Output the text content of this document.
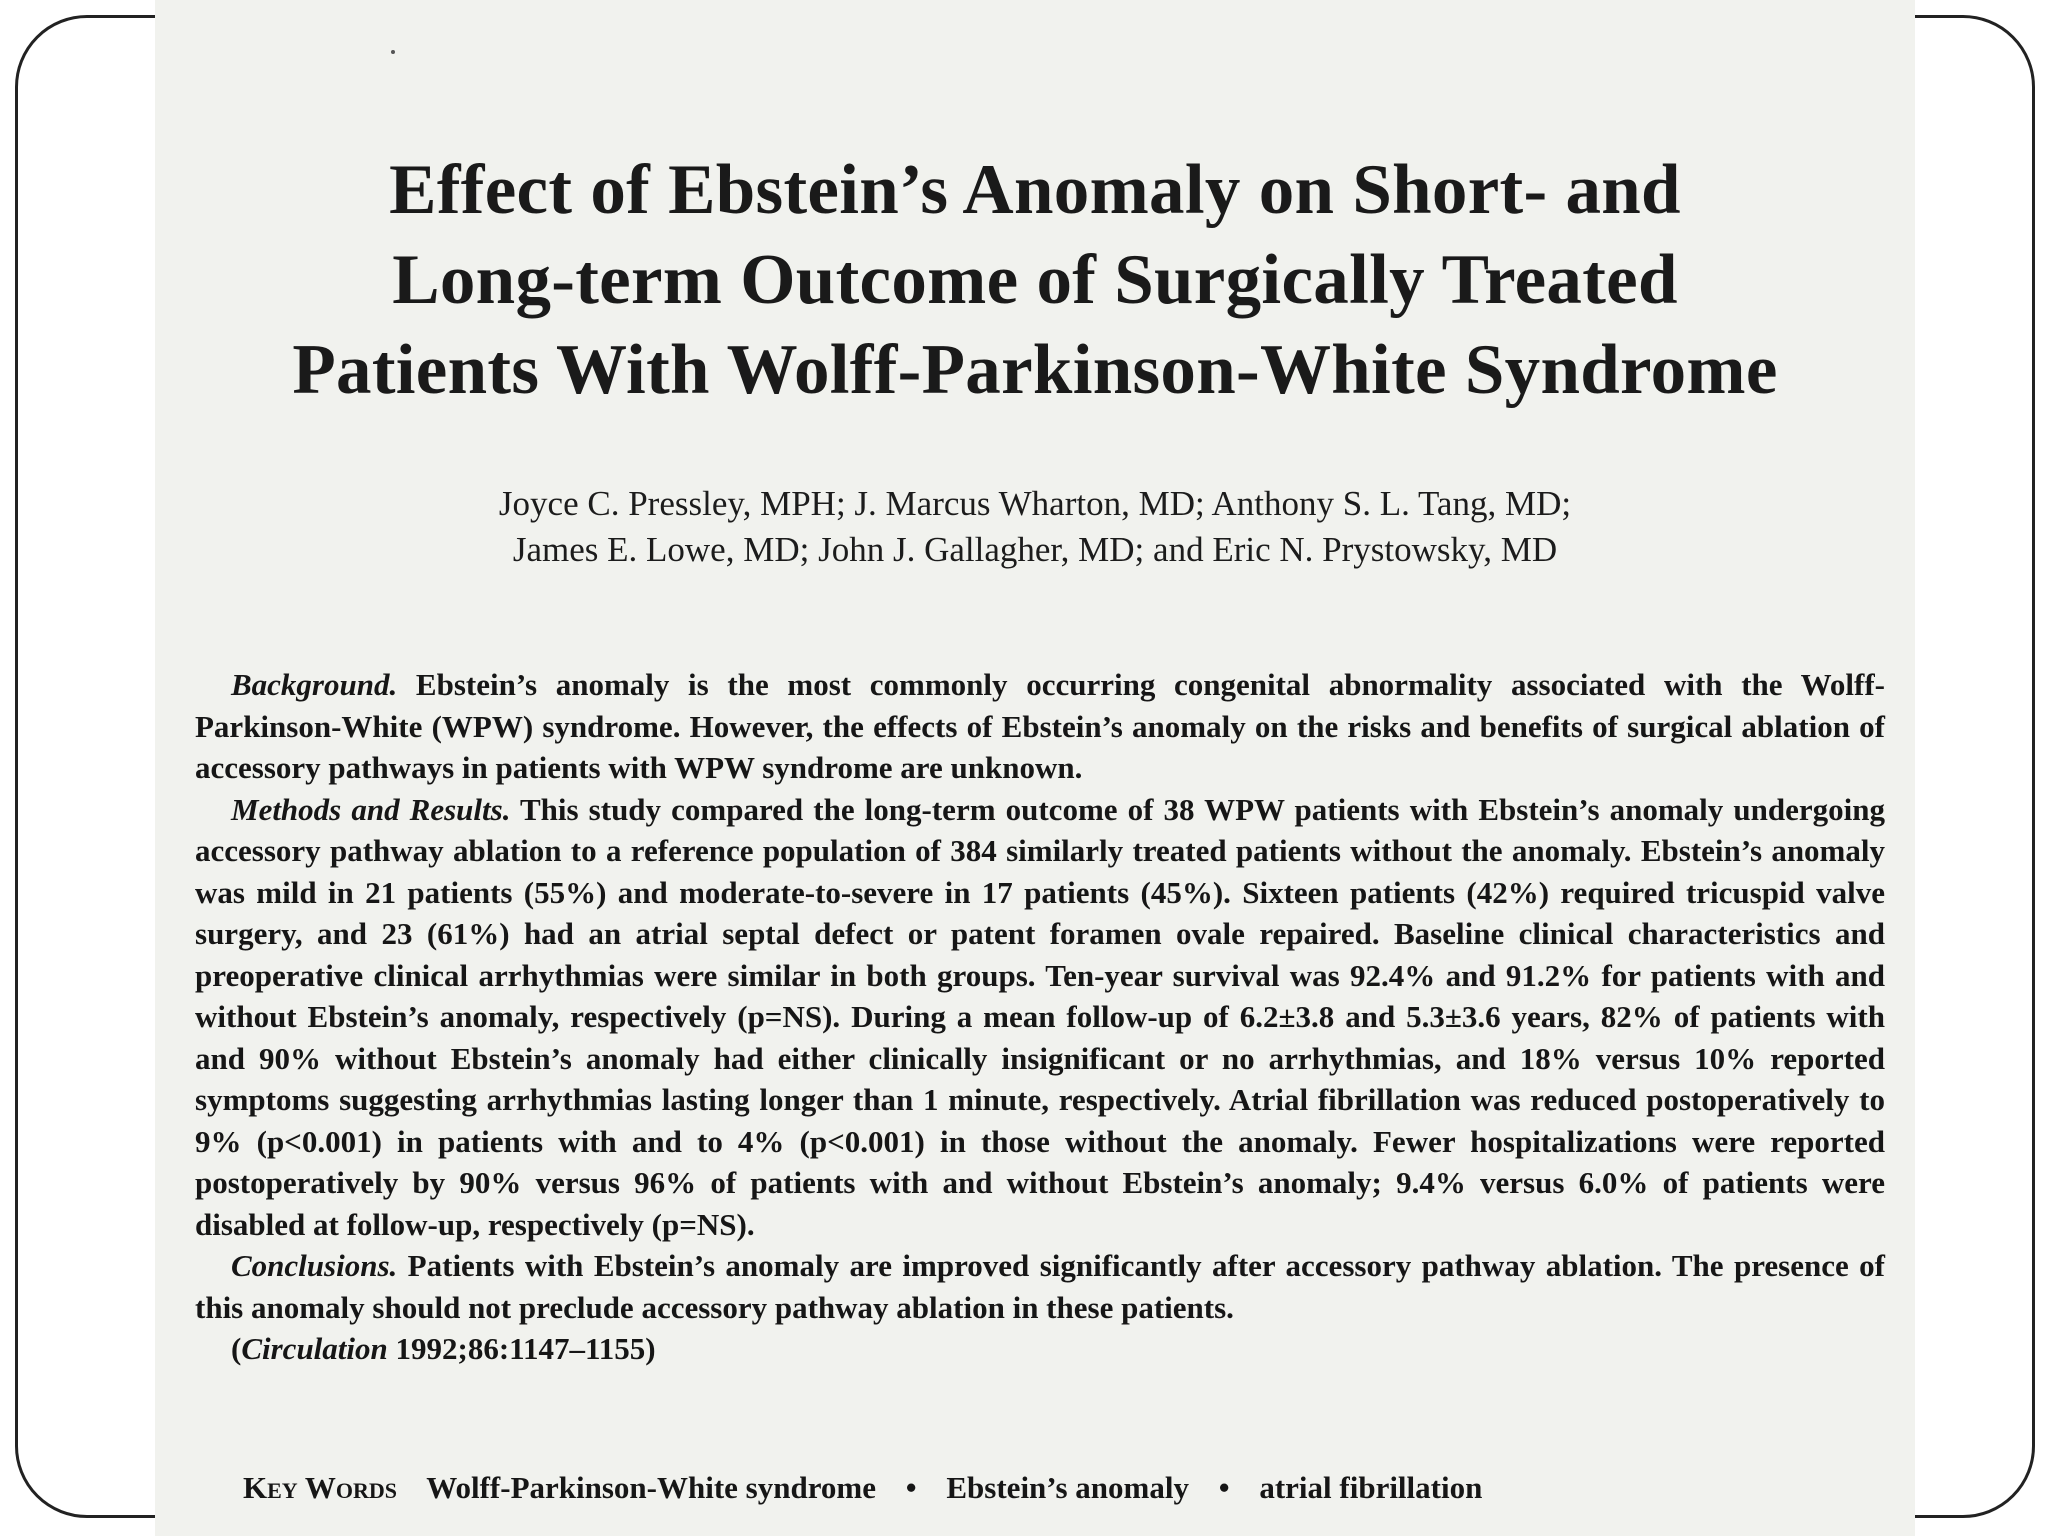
Effect of Ebstein’s Anomaly on Short- and
Long-term Outcome of Surgically Treated
Patients With Wolff-Parkinson-White Syndrome
Joyce C. Pressley, MPH; J. Marcus Wharton, MD; Anthony S. L. Tang, MD;
James E. Lowe, MD; John J. Gallagher, MD; and Eric N. Prystowsky, MD

Background. Ebstein’s anomaly is the most commonly occurring congenital abnormality associated with the Wolff-Parkinson-White (WPW) syndrome. However, the effects of Ebstein’s anomaly on the risks and benefits of surgical ablation of accessory pathways in patients with WPW syndrome are unknown.

Methods and Results. This study compared the long-term outcome of 38 WPW patients with Ebstein’s anomaly undergoing accessory pathway ablation to a reference population of 384 similarly treated patients without the anomaly. Ebstein’s anomaly was mild in 21 patients (55%) and moderate-to-severe in 17 patients (45%). Sixteen patients (42%) required tricuspid valve surgery, and 23 (61%) had an atrial septal defect or patent foramen ovale repaired. Baseline clinical characteristics and preoperative clinical arrhythmias were similar in both groups. Ten-year survival was 92.4% and 91.2% for patients with and without Ebstein’s anomaly, respectively (p=NS). During a mean follow-up of 6.2±3.8 and 5.3±3.6 years, 82% of patients with and 90% without Ebstein’s anomaly had either clinically insignificant or no arrhythmias, and 18% versus 10% reported symptoms suggesting arrhythmias lasting longer than 1 minute, respectively. Atrial fibrillation was reduced postoperatively to 9% (p<0.001) in patients with and to 4% (p<0.001) in those without the anomaly. Fewer hospitalizations were reported postoperatively by 90% versus 96% of patients with and without Ebstein’s anomaly; 9.4% versus 6.0% of patients were disabled at follow-up, respectively (p=NS).

Conclusions. Patients with Ebstein’s anomaly are improved significantly after accessory pathway ablation. The presence of this anomaly should not preclude accessory pathway ablation in these patients.

(Circulation 1992;86:1147–1155)

Key Words Wolff-Parkinson-White syndrome • Ebstein’s anomaly • atrial fibrillation
